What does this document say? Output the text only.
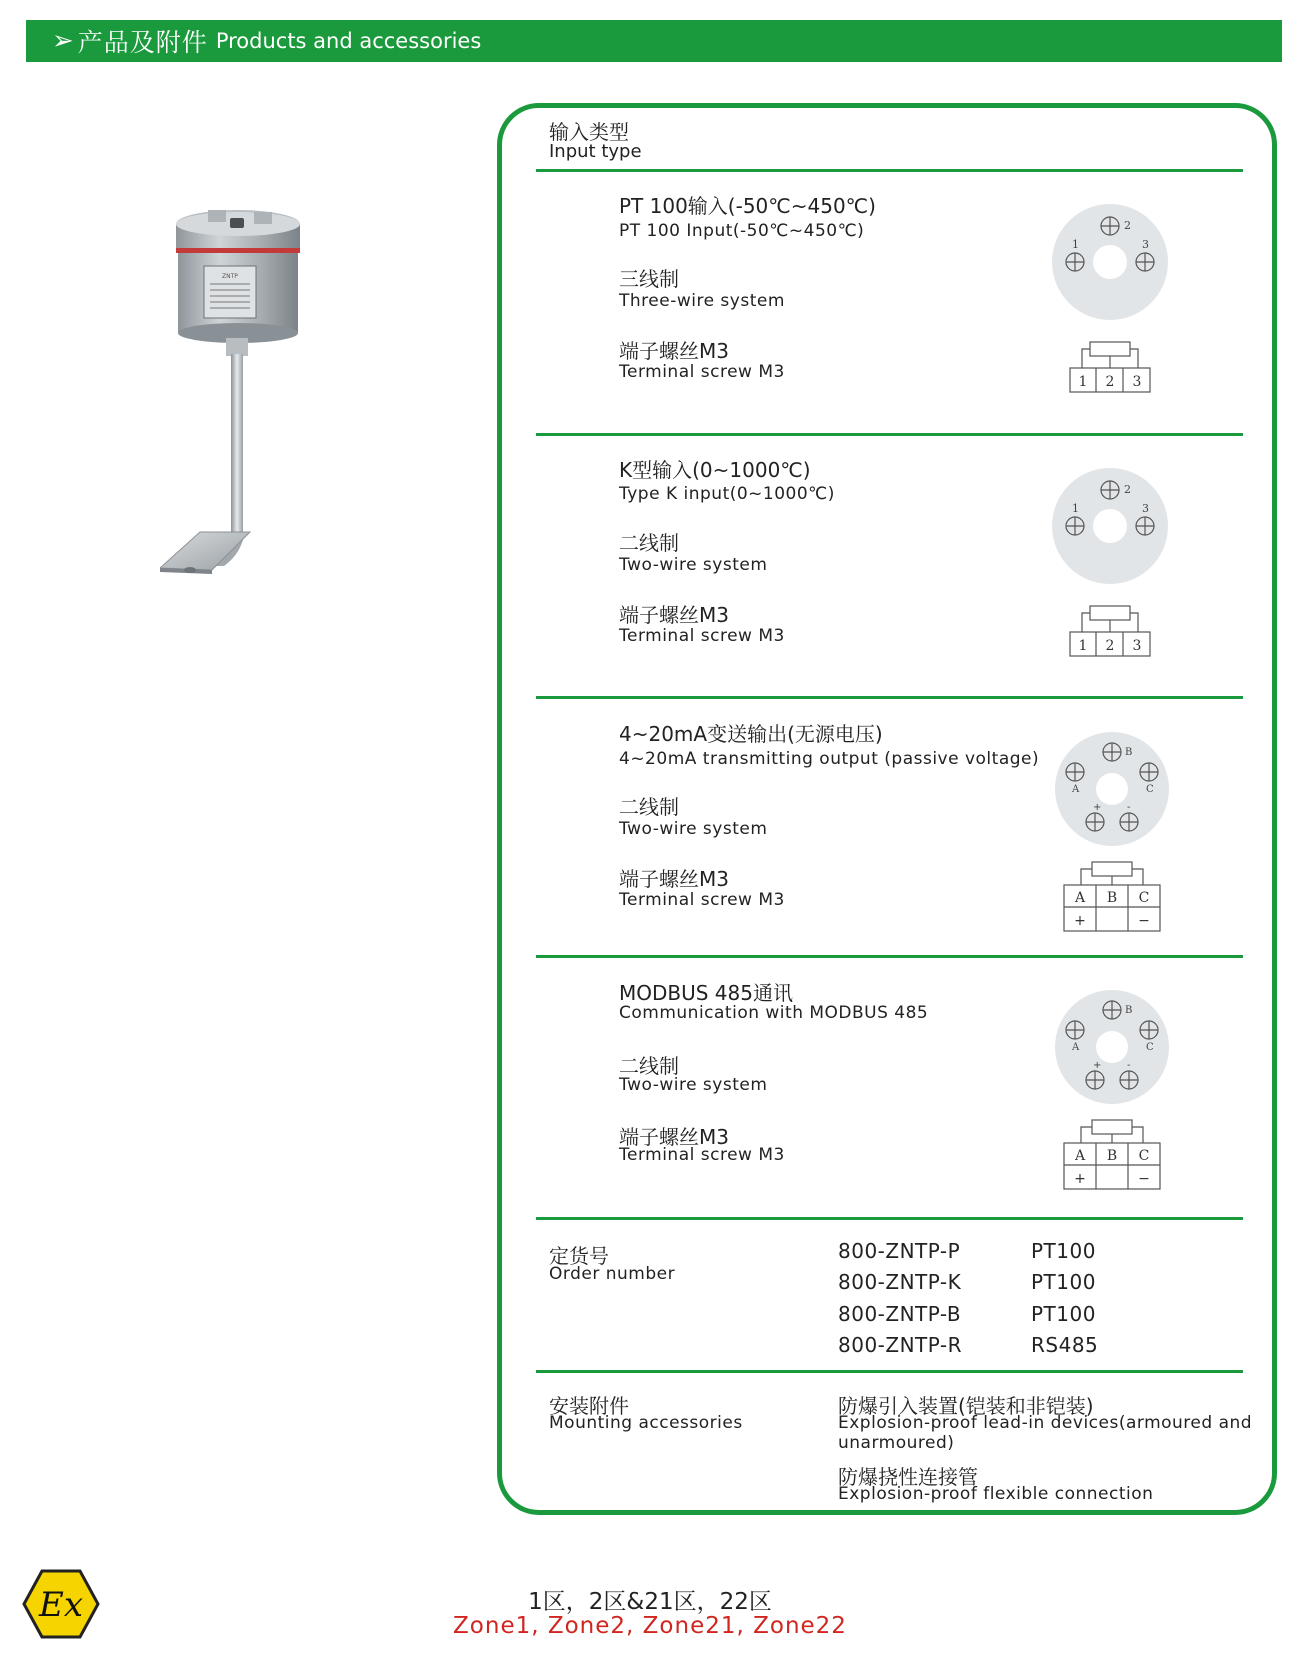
➢ 产品及附件 Products and accessories
ZNTP
输入类型
Input type
PT 100输入(-50℃~450℃)
PT 100 Input(-50℃~450℃)
三线制
Three-wire system
端子螺丝M3
Terminal screw M3
2
1	3
1 2 3
K型输入(0~1000℃)
Type K input(0~1000℃)
二线制
Two-wire system
端子螺丝M3
Terminal screw M3
2
1	3
1 2 3
4~20mA变送输出(无源电压)
4~20mA transmitting output (passive voltage)
二线制
Two-wire system
端子螺丝M3
Terminal screw M3
B
A	C
+	-
A B C
+	−
MODBUS 485通讯
Communication with MODBUS 485
二线制
Two-wire system
端子螺丝M3
Terminal screw M3
B
A	C
+	-
A B C
+	−
定货号
Order number
800-ZNTP-P	PT100
800-ZNTP-K	PT100
800-ZNTP-B	PT100
800-ZNTP-R	RS485
安装附件
Mounting accessories
防爆引入装置(铠装和非铠装)
Explosion-proof lead-in devices(armoured and
unarmoured)
防爆挠性连接管
Explosion-proof flexible connection
Ex	1区，2区&21区，22区
Zone1, Zone2, Zone21, Zone22
